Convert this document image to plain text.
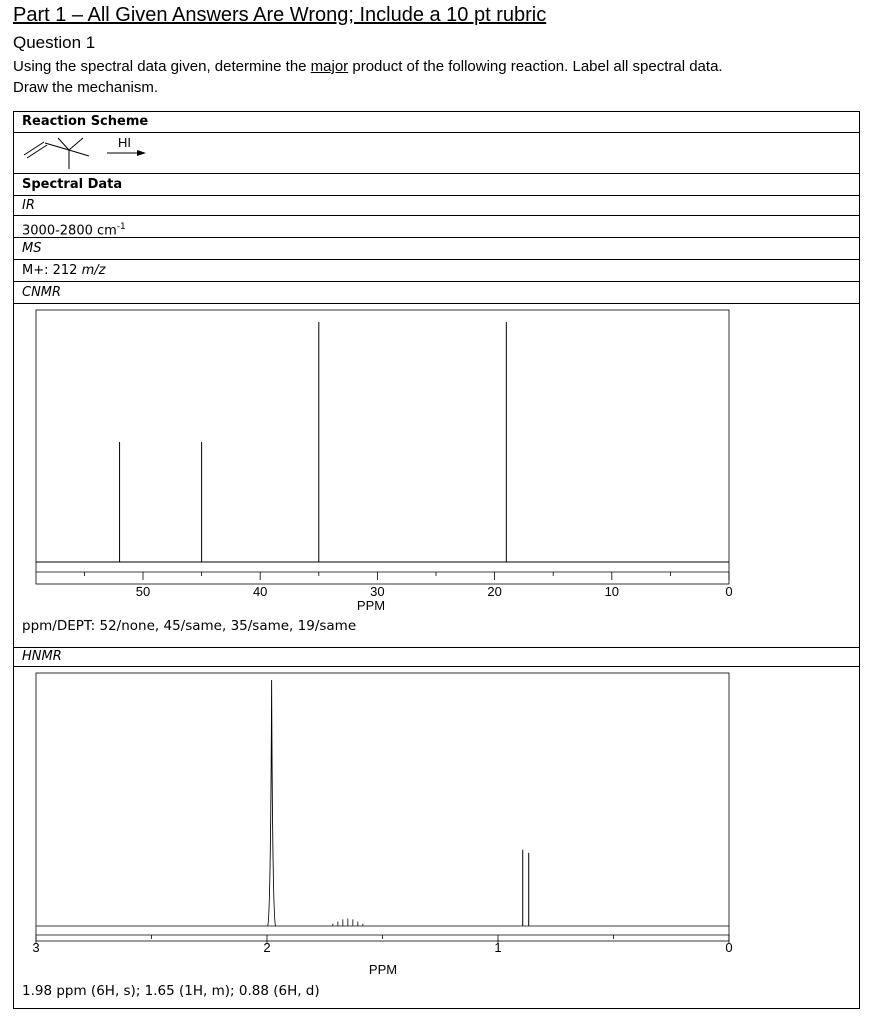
Part 1 – All Given Answers Are Wrong; Include a 10 pt rubric
Question 1
Using the spectral data given, determine the major product of the following reaction. Label all spectral data.
Draw the mechanism.
Reaction Scheme
HI
Spectral Data
IR
3000-2800 $cm^{-1}$
MS
M+: 212 m/z
CNMR
PPM
50	40	30	20	10	0
ppm/DEPT: 52/none, 45/same, 35/same, 19/same
HNMR
PPM
3	2	1	0
1.98 ppm (6H, s); 1.65 (1H, m); 0.88 (6H, d)
